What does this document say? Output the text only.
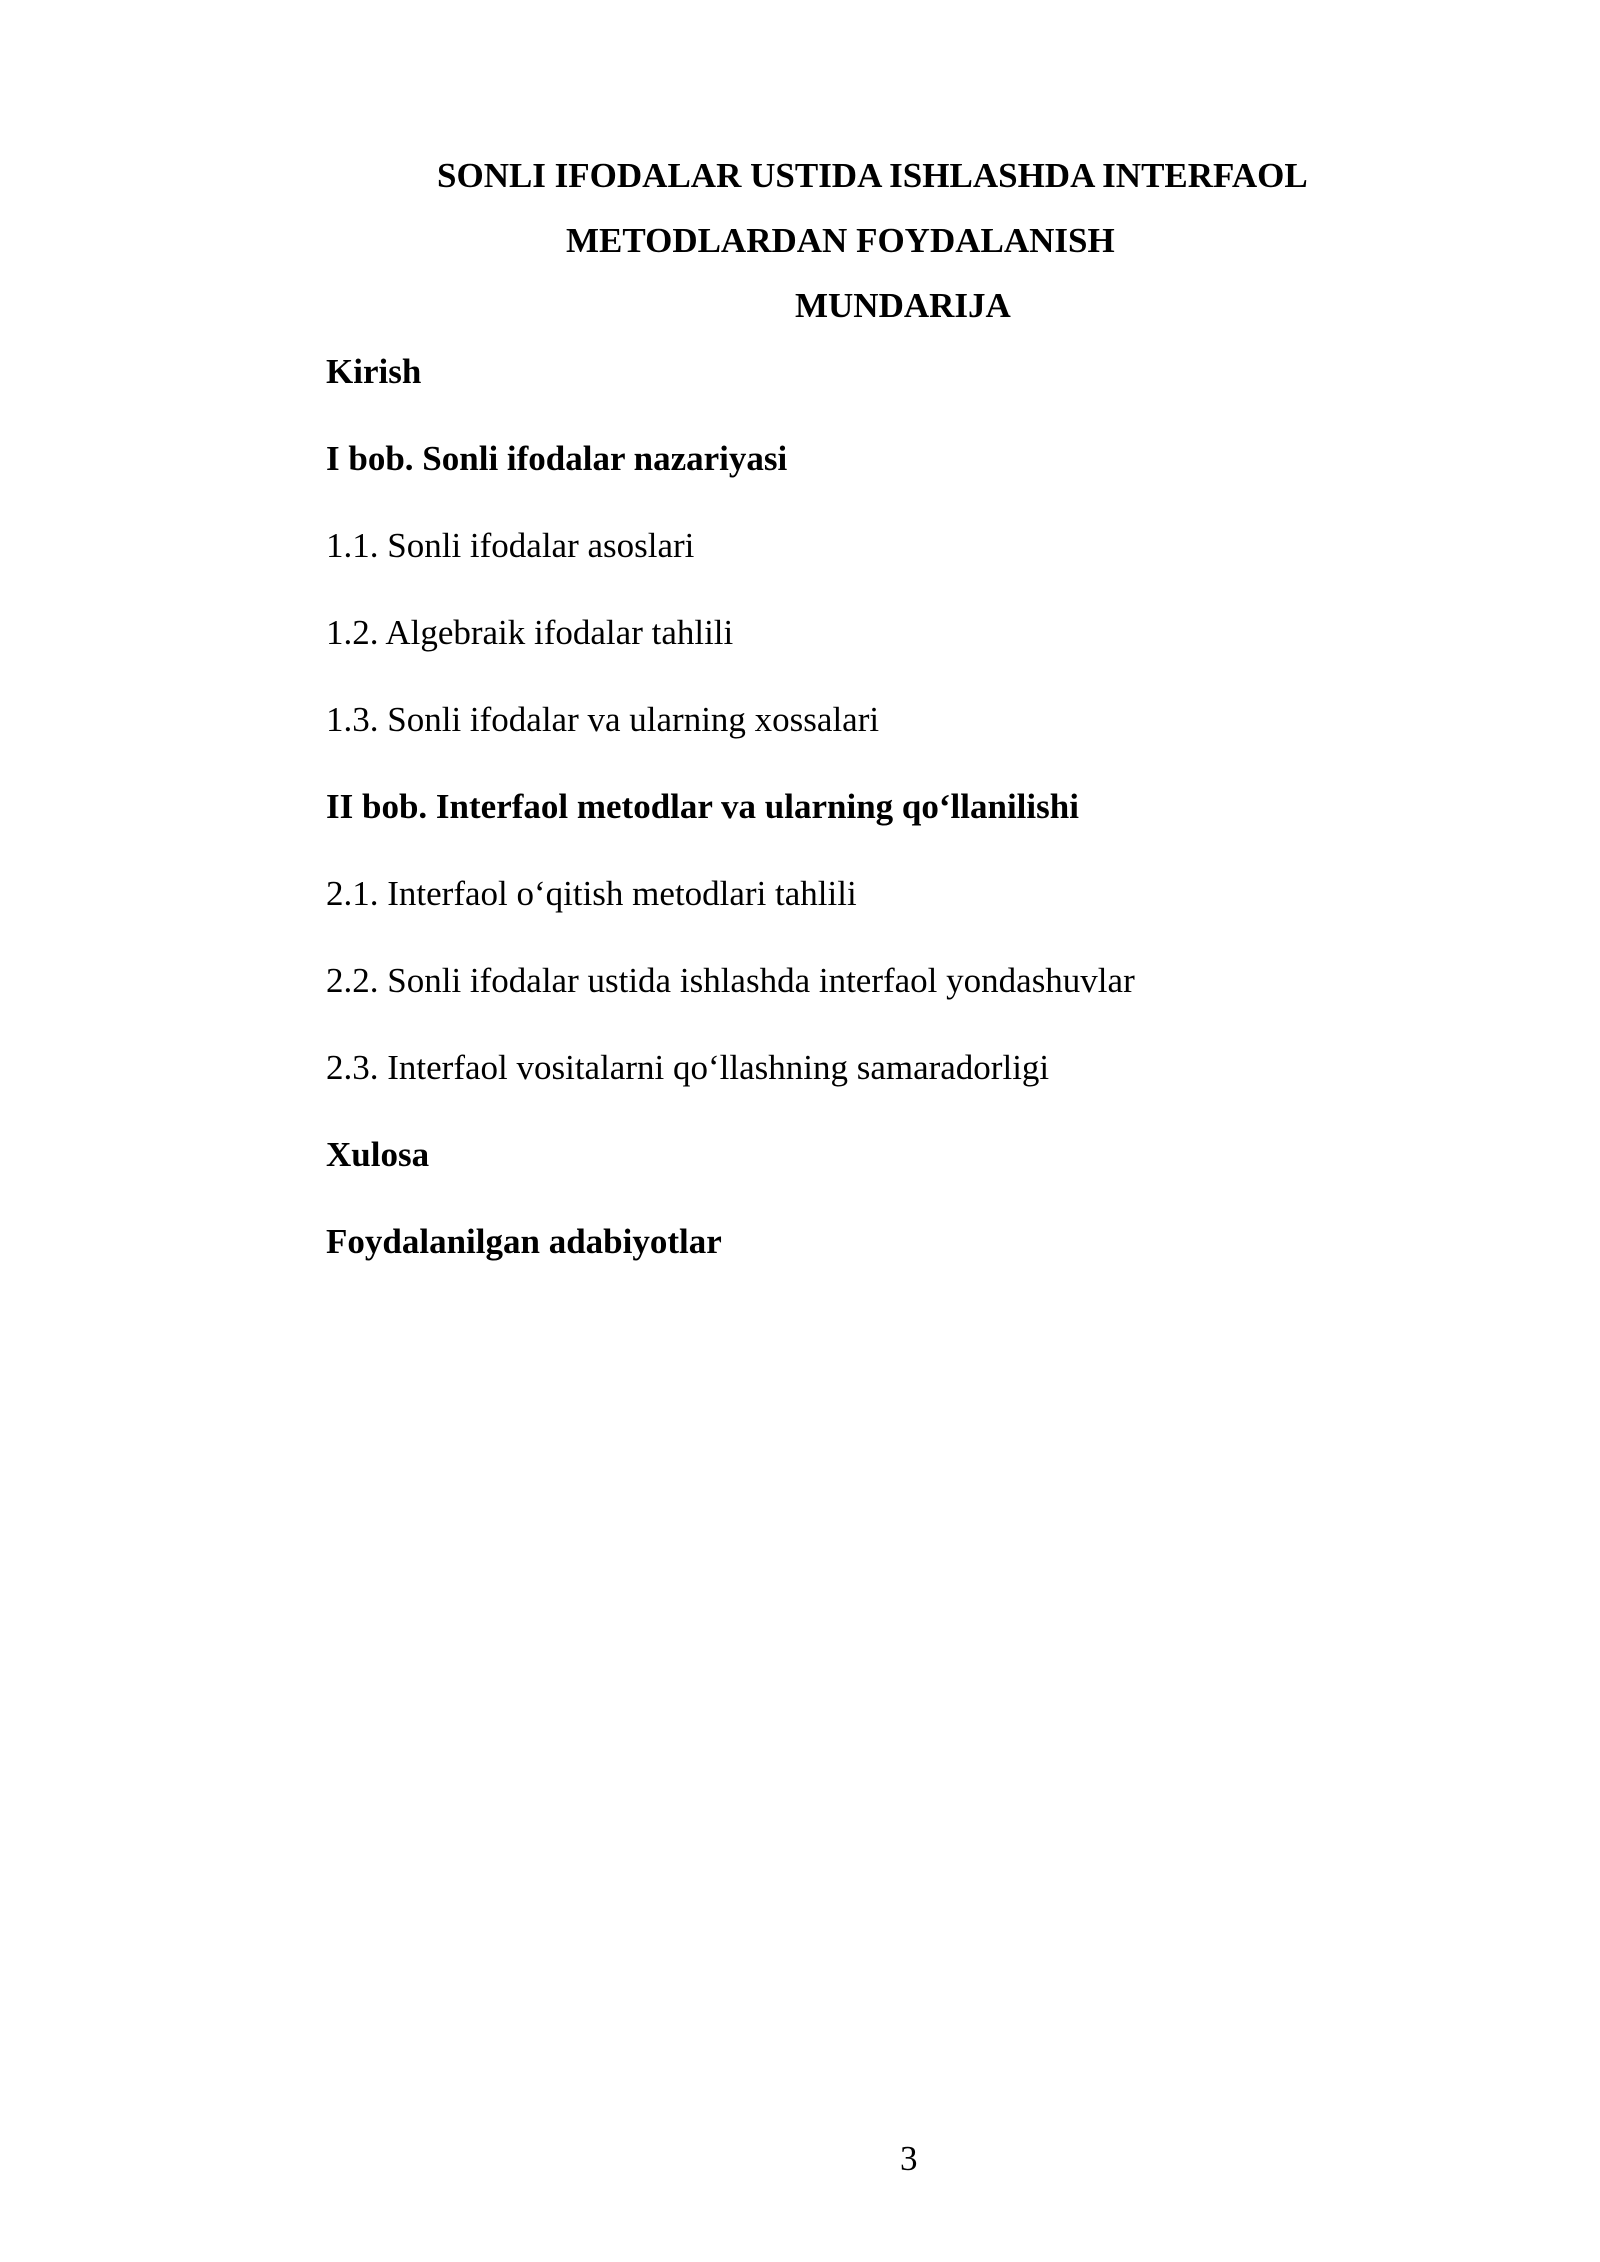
SONLI IFODALAR USTIDA ISHLASHDA INTERFAOL
METODLARDAN FOYDALANISH
MUNDARIJA
Kirish
I bob. Sonli ifodalar nazariyasi
1.1. Sonli ifodalar asoslari
1.2. Algebraik ifodalar tahlili
1.3. Sonli ifodalar va ularning xossalari
II bob. Interfaol metodlar va ularning qo‘llanilishi
2.1. Interfaol o‘qitish metodlari tahlili
2.2. Sonli ifodalar ustida ishlashda interfaol yondashuvlar
2.3. Interfaol vositalarni qo‘llashning samaradorligi
Xulosa
Foydalanilgan adabiyotlar
3
